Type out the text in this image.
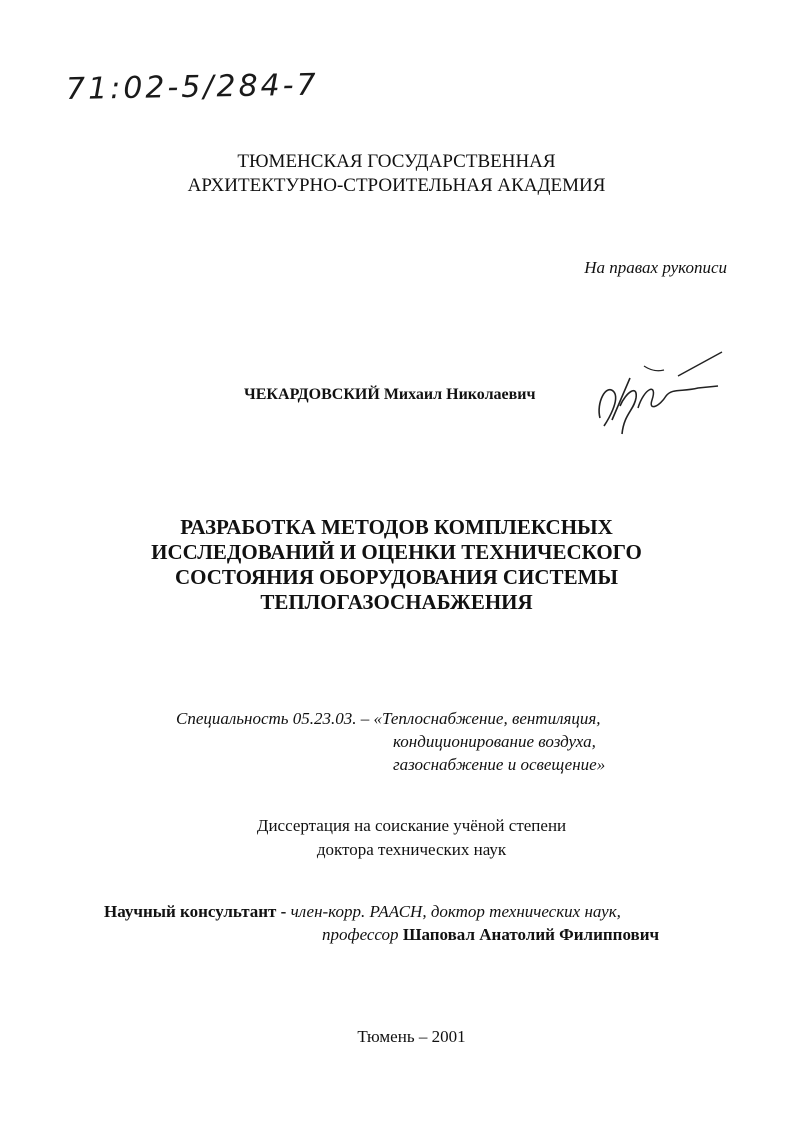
71:02-5/284-7
ТЮМЕНСКАЯ ГОСУДАРСТВЕННАЯ
АРХИТЕКТУРНО-СТРОИТЕЛЬНАЯ АКАДЕМИЯ
На правах рукописи
ЧЕКАРДОВСКИЙ Михаил Николаевич
РАЗРАБОТКА МЕТОДОВ КОМПЛЕКСНЫХ
ИССЛЕДОВАНИЙ И ОЦЕНКИ ТЕХНИЧЕСКОГО
СОСТОЯНИЯ ОБОРУДОВАНИЯ СИСТЕМЫ
ТЕПЛОГАЗОСНАБЖЕНИЯ
Специальность 05.23.03. – «Теплоснабжение, вентиляция,
кондиционирование воздуха,
газоснабжение и освещение»
Диссертация на соискание учёной степени
доктора технических наук
Научный консультант - член-корр. РААСН, доктор технических наук,
профессор Шаповал Анатолий Филиппович
Тюмень – 2001
